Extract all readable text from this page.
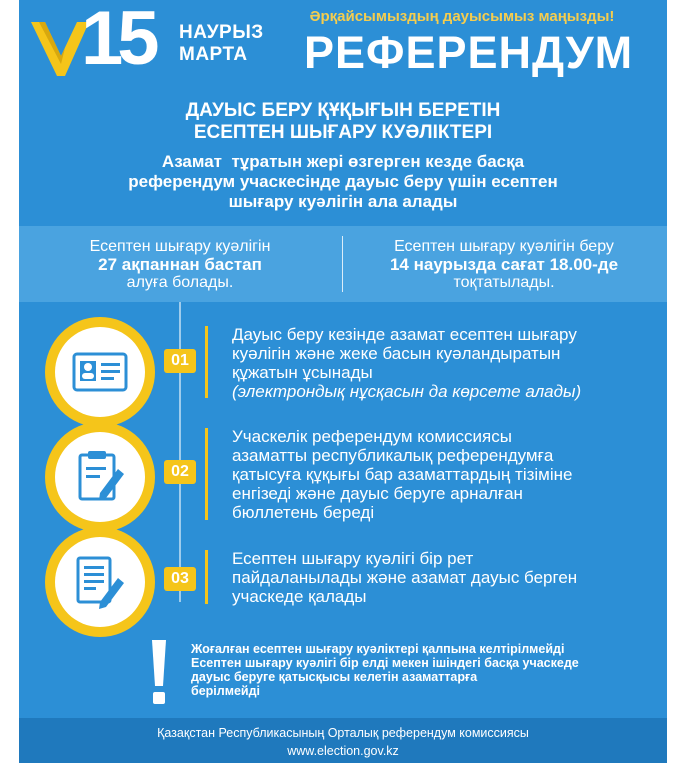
15 НАУРЫЗ
МАРТА
Әрқайсымыздың дауысымыз маңызды!
РЕФЕРЕНДУМ
ДАУЫС БЕРУ ҚҰҚЫҒЫН БЕРЕТІН
ЕСЕПТЕН ШЫҒАРУ КУӘЛІКТЕРІ
Азамат  тұратын жері өзгерген кезде басқа
референдум учаскесінде дауыс беру үшін есептен
шығару куәлігін ала алады
Есептен шығару куәлігін
27 ақпаннан бастап
алуға болады.
Есептен шығару куәлігін беру
14 наурызда сағат 18.00-де
тоқтатылады.
01
Дауыс беру кезінде азамат есептен шығару
куәлігін және жеке басын куәландыратын
құжатын ұсынады
(электрондық нұсқасын да көрсете алады)
02
Учаскелік референдум комиссиясы
азаматты республикалық референдумға
қатысуға құқығы бар азаматтардың тізіміне
енгізеді және дауыс беруге арналған
бюллетень береді
03
Есептен шығару куәлігі бір рет
пайдаланылады және азамат дауыс берген
учаскеде қалады
Жоғалған есептен шығару куәліктері қалпына келтірілмейді
Есептен шығару куәлігі бір елді мекен ішіндегі басқа учаскеде
дауыс беруге қатысқысы келетін азаматтарға
берілмейді
Қазақстан Республикасының Орталық референдум комиссиясы
www.election.gov.kz
